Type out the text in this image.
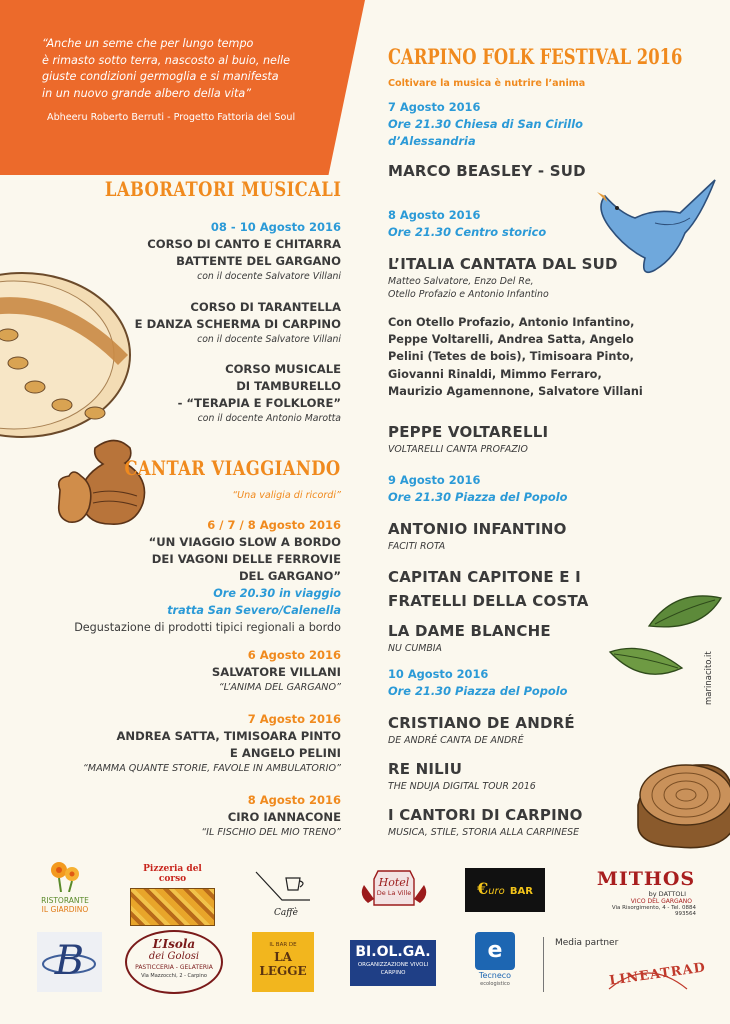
“Anche un seme che per lungo tempo
è rimasto sotto terra, nascosto al buio, nelle
giuste condizioni germoglia e si manifesta
in un nuovo grande albero della vita”
Abheeru Roberto Berruti - Progetto Fattoria del Soul
LABORATORI MUSICALI
08 - 10 Agosto 2016
CORSO DI CANTO E CHITARRA
BATTENTE DEL GARGANO
con il docente Salvatore Villani
CORSO DI TARANTELLA
E DANZA SCHERMA DI CARPINO
con il docente Salvatore Villani
CORSO MUSICALE
DI TAMBURELLO
- “TERAPIA E FOLKLORE”
con il docente Antonio Marotta
CANTAR VIAGGIANDO
“Una valigia di ricordi”
6 / 7 / 8 Agosto 2016
“UN VIAGGIO SLOW A BORDO
DEI VAGONI DELLE FERROVIE
DEL GARGANO”
Ore 20.30 in viaggio
tratta San Severo/Calenella
Degustazione di prodotti tipici regionali a bordo
6 Agosto 2016
SALVATORE VILLANI
“L’ANIMA DEL GARGANO”
7 Agosto 2016
ANDREA SATTA, TIMISOARA PINTO
E ANGELO PELINI
“MAMMA QUANTE STORIE, FAVOLE IN AMBULATORIO”
8 Agosto 2016
CIRO IANNACONE
“IL FISCHIO DEL MIO TRENO”
CARPINO FOLK FESTIVAL 2016
Coltivare la musica è nutrire l’anima
7 Agosto 2016
Ore 21.30 Chiesa di San Cirillo
d’Alessandria
MARCO BEASLEY - SUD
8 Agosto 2016
Ore 21.30 Centro storico
L’ITALIA CANTATA DAL SUD
Matteo Salvatore, Enzo Del Re,
Otello Profazio e Antonio Infantino
Con Otello Profazio, Antonio Infantino,
Peppe Voltarelli, Andrea Satta, Angelo
Pelini (Tetes de bois), Timisoara Pinto,
Giovanni Rinaldi, Mimmo Ferraro,
Maurizio Agamennone, Salvatore Villani
PEPPE VOLTARELLI
VOLTARELLI CANTA PROFAZIO
9 Agosto 2016
Ore 21.30 Piazza del Popolo
ANTONIO INFANTINO
FACITI ROTA
CAPITAN CAPITONE E I
FRATELLI DELLA COSTA
LA DAME BLANCHE
NU CUMBIA
10 Agosto 2016
Ore 21.30 Piazza del Popolo
CRISTIANO DE ANDRÉ
DE ANDRÉ CANTA DE ANDRÉ
RE NILIU
THE NDUJA DIGITAL TOUR 2016
I CANTORI DI CARPINO
MUSICA, STILE, STORIA ALLA CARPINESE
marinacito.it
RISTORANTE
IL GIARDINO
Pizzeria del corso
Caffè
Hotel
De La Ville	€uro BAR
MITHOS
by DATTOLI
VICO DEL GARGANO
Via Risorgimento, 4 - Tel. 0884 993564
B	L’Isola
dei Golosi
PASTICCERIA - GELATERIA
Via Mazzocchi, 2 - Carpino
IL BAR DE
LA LEGGE
BI.OL.GA.
ORGANIZZAZIONE VIVOLI
CARPINO
e
Tecneco
ecologistico
Media partner
LINEATRAD
